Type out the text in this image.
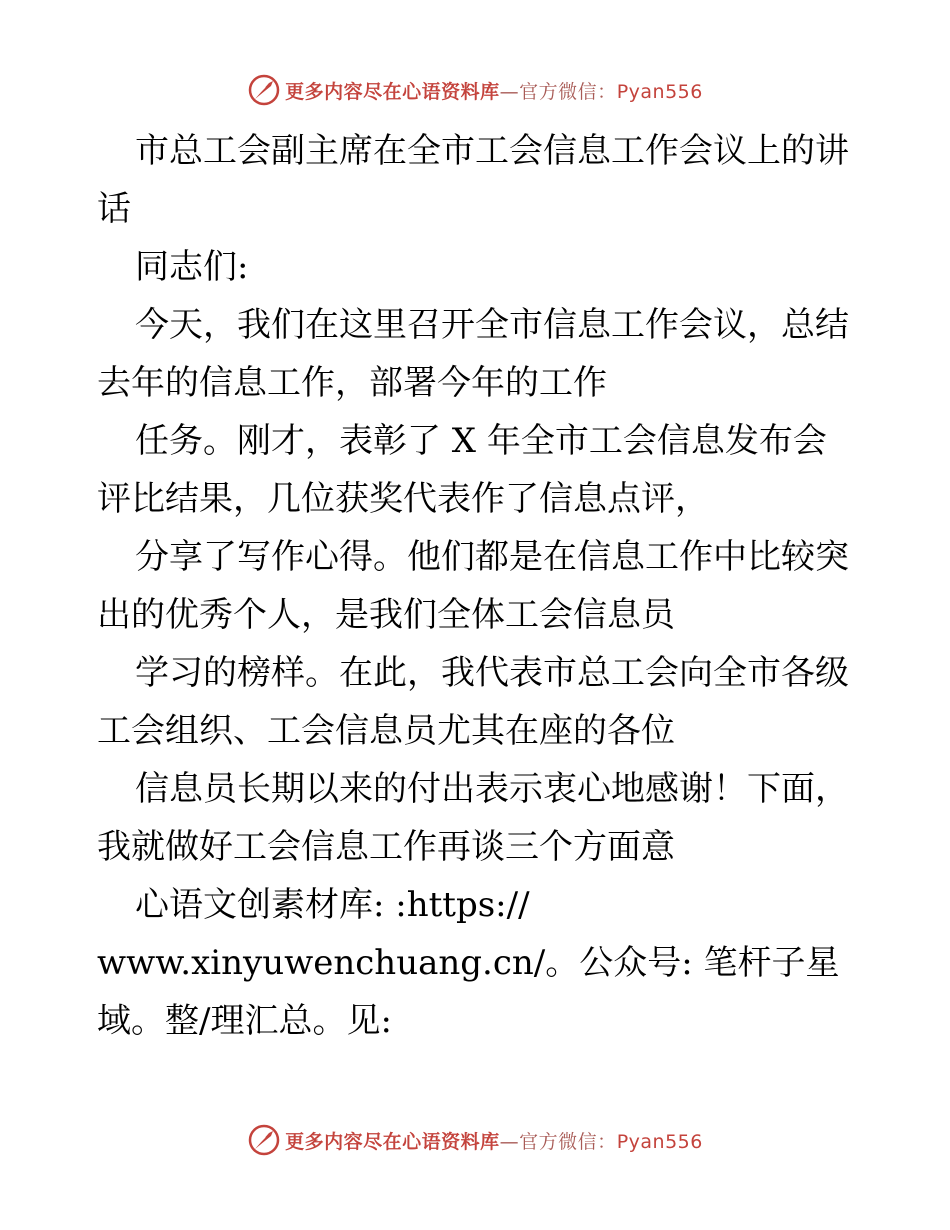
更多内容尽在心语资料库—官方微信：Pyan556

市总工会副主席在全市工会信息工作会议上的讲话

同志们:

今天，我们在这里召开全市信息工作会议，总结去年的信息工作，部署今年的工作

任务。刚才，表彰了 X 年全市工会信息发布会评比结果，几位获奖代表作了信息点评，

分享了写作心得。他们都是在信息工作中比较突出的优秀个人，是我们全体工会信息员

学习的榜样。在此，我代表市总工会向全市各级工会组织、工会信息员尤其在座的各位

信息员长期以来的付出表示衷心地感谢！下面，我就做好工会信息工作再谈三个方面意

心语文创素材库: :https://

www.xinyuwenchuang.cn/。公众号: 笔杆子星域。整/理汇总。见:

更多内容尽在心语资料库—官方微信：Pyan556
